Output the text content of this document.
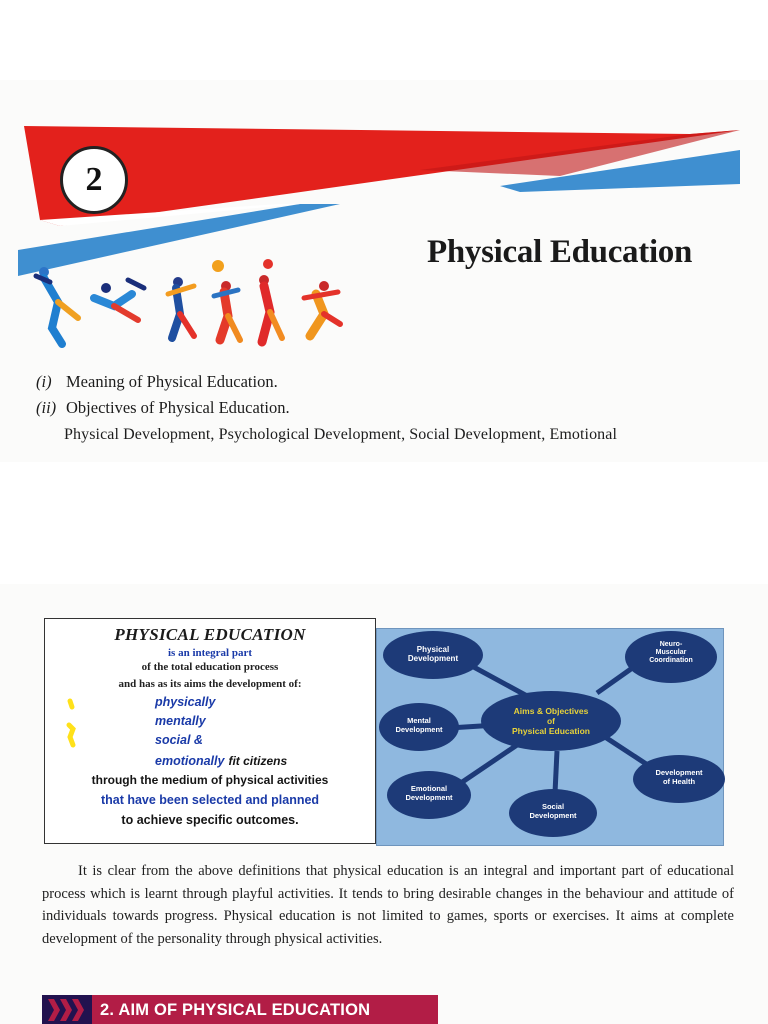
2
Physical Education
(i) Meaning of Physical Education.
(ii) Objectives of Physical Education.
Physical Development, Psychological Development, Social Development, Emotional
PHYSICAL EDUCATION
is an integral part
of the total education process
and has as its aims the development of:
physically
mentally
social &
emotionally fit citizens
through the medium of physical activities
that have been selected and planned
to achieve specific outcomes.
Aims & Objectives
of
Physical Education
Physical
Development
Neuro-
Muscular
Coordination
Mental
Development
Development
of Health
Emotional
Development
Social
Development

It is clear from the above definitions that physical education is an integral and important part of educational process which is learnt through playful activities. It tends to bring desirable changes in the behaviour and attitude of individuals towards progress. Physical education is not limited to games, sports or exercises. It aims at complete development of the personality through physical activities.

2. AIM OF PHYSICAL EDUCATION
